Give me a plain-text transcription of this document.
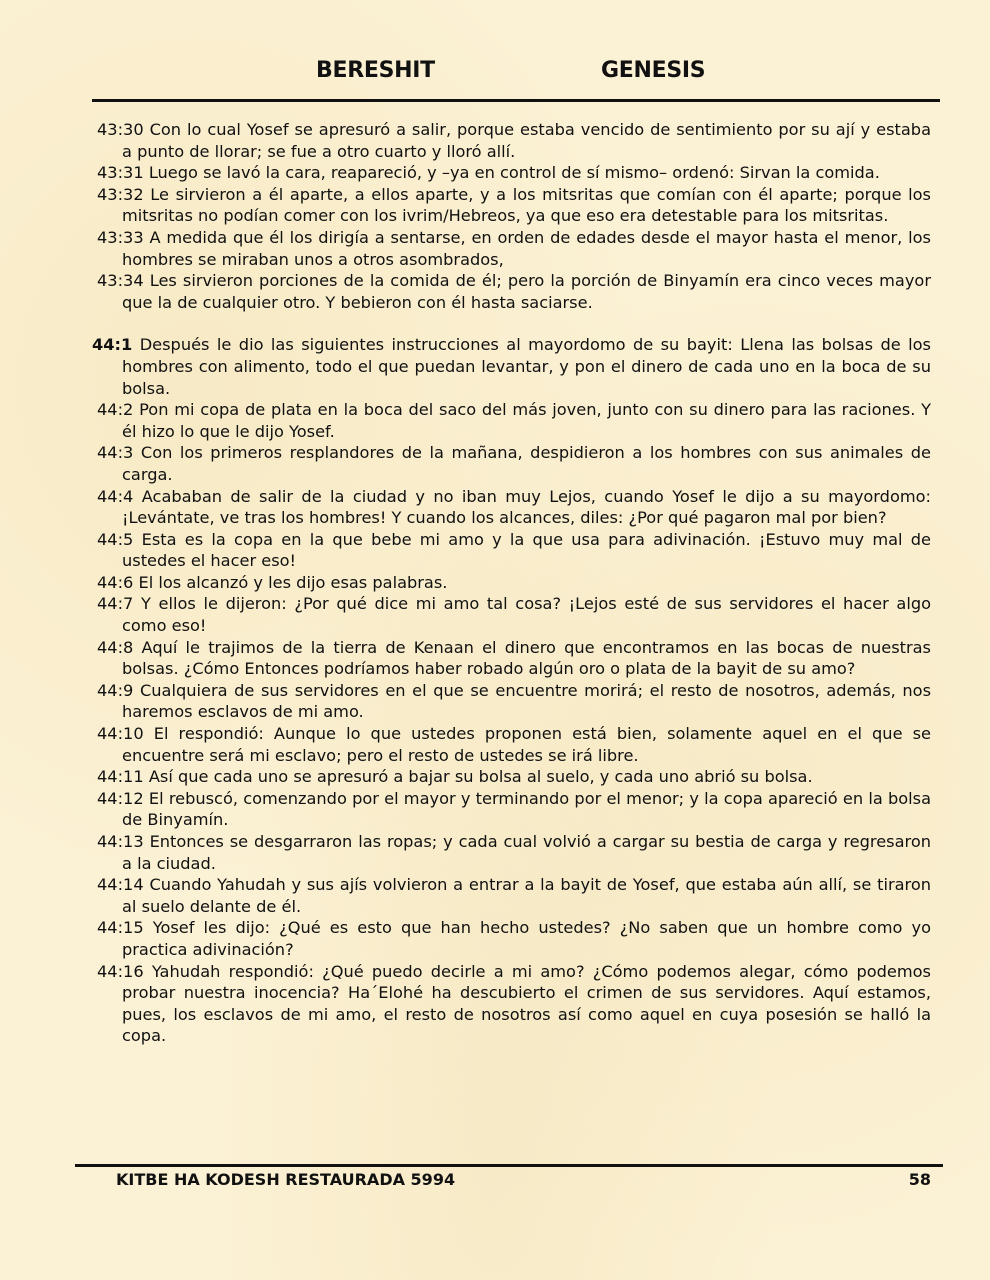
BERESHIT	GENESIS

43:30 Con lo cual Yosef se apresuró a salir, porque estaba vencido de sentimiento por su ají y estaba a punto de llorar; se fue a otro cuarto y lloró allí.

43:31 Luego se lavó la cara, reapareció, y –ya en control de sí mismo– ordenó: Sirvan la comida.

43:32 Le sirvieron a él aparte, a ellos aparte, y a los mitsritas que comían con él aparte; porque los mitsritas no podían comer con los ivrim/Hebreos, ya que eso era detestable para los mitsritas.

43:33 A medida que él los dirigía a sentarse, en orden de edades desde el mayor hasta el menor, los hombres se miraban unos a otros asombrados,

43:34 Les sirvieron porciones de la comida de él; pero la porción de Binyamín era cinco veces mayor que la de cualquier otro. Y bebieron con él hasta saciarse.

44:1 Después le dio las siguientes instrucciones al mayordomo de su bayit: Llena las bolsas de los hombres con alimento, todo el que puedan levantar, y pon el dinero de cada uno en la boca de su bolsa.

44:2 Pon mi copa de plata en la boca del saco del más joven, junto con su dinero para las raciones. Y él hizo lo que le dijo Yosef.

44:3 Con los primeros resplandores de la mañana, despidieron a los hombres con sus animales de carga.

44:4 Acababan de salir de la ciudad y no iban muy Lejos, cuando Yosef le dijo a su mayordomo: ¡Levántate, ve tras los hombres! Y cuando los alcances, diles: ¿Por qué pagaron mal por bien?

44:5 Esta es la copa en la que bebe mi amo y la que usa para adivinación. ¡Estuvo muy mal de ustedes el hacer eso!

44:6 El los alcanzó y les dijo esas palabras.

44:7 Y ellos le dijeron: ¿Por qué dice mi amo tal cosa? ¡Lejos esté de sus servidores el hacer algo como eso!

44:8 Aquí le trajimos de la tierra de Kenaan el dinero que encontramos en las bocas de nuestras bolsas. ¿Cómo Entonces podríamos haber robado algún oro o plata de la bayit de su amo?

44:9 Cualquiera de sus servidores en el que se encuentre morirá; el resto de nosotros, además, nos haremos esclavos de mi amo.

44:10 El respondió: Aunque lo que ustedes proponen está bien, solamente aquel en el que se encuentre será mi esclavo; pero el resto de ustedes se irá libre.

44:11 Así que cada uno se apresuró a bajar su bolsa al suelo, y cada uno abrió su bolsa.

44:12 El rebuscó, comenzando por el mayor y terminando por el menor; y la copa apareció en la bolsa de Binyamín.

44:13 Entonces se desgarraron las ropas; y cada cual volvió a cargar su bestia de carga y regresaron a la ciudad.

44:14 Cuando Yahudah y sus ajís volvieron a entrar a la bayit de Yosef, que estaba aún allí, se tiraron al suelo delante de él.

44:15 Yosef les dijo: ¿Qué es esto que han hecho ustedes? ¿No saben que un hombre como yo practica adivinación?

44:16 Yahudah respondió: ¿Qué puedo decirle a mi amo? ¿Cómo podemos alegar, cómo podemos probar nuestra inocencia? Ha´Elohé ha descubierto el crimen de sus servidores. Aquí estamos, pues, los esclavos de mi amo, el resto de nosotros así como aquel en cuya posesión se halló la copa.

KITBE HA KODESH RESTAURADA 5994	58
